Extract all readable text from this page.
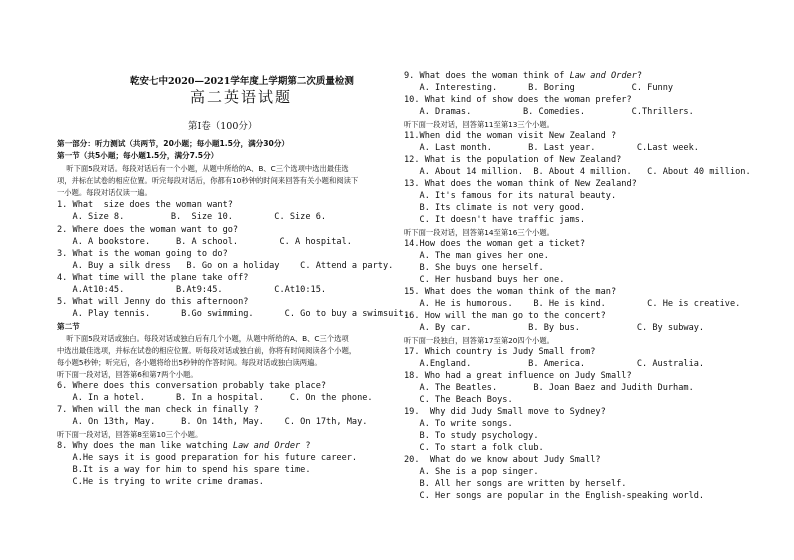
乾安七中2020—2021学年度上学期第二次质量检测
高二英语试题
第Ⅰ卷（100分）
第一部分：听力测试（共两节，20小题；每小题1.5分，满分30分）
第一节（共5小题；每小题1.5分，满分7.5分）
听下面5段对话。每段对话后有一个小题，从题中所给的A、B、C三个选项中选出最佳选
项，并标在试卷的相应位置。听完每段对话后，你都有10秒钟的时间来回答有关小题和阅读下
一小题。每段对话仅读一遍。
1. What  size does the woman want?
A. Size 8.         B.  Size 10.        C. Size 6.
2. Where does the woman want to go?
A. A bookstore.     B. A school.        C. A hospital.
3. What is the woman going to do?
A. Buy a silk dress   B. Go on a holiday    C. Attend a party.
4. What time will the plane take off?
A.At10:45.          B.At9:45.          C.At10:15.
5. What will Jenny do this afternoon?
A. Play tennis.      B.Go swimming.      C. Go to buy a swimsuit.
第二节
听下面5段对话或独白。每段对话或独白后有几个小题，从题中所给的A、B、C三个选项
中选出最佳选项，并标在试卷的相应位置。听每段对话或独白前，你将有时间阅读各个小题，
每小题5秒钟；听完后，各小题将给出5秒钟的作答时间。每段对话或独白读两遍。
听下面一段对话，回答第6和第7两个小题。
6. Where does this conversation probably take place?
A. In a hotel.      B. In a hospital.     C. On the phone.
7. When will the man check in finally ?
A. On 13th, May.     B. On 14th, May.    C. On 17th, May.
听下面一段对话，回答第8至第10三个小题。
8. Why does the man like watching Law and Order ?
A.He says it is good preparation for his future career.
B.It is a way for him to spend his spare time.
C.He is trying to write crime dramas.
9. What does the woman think of Law and Order?
A. Interesting.      B. Boring           C. Funny
10. What kind of show does the woman prefer?
A. Dramas.          B. Comedies.         C.Thrillers.
听下面一段对话，回答第11至第13三个小题。
11.When did the woman visit New Zealand ?
A. Last month.       B. Last year.        C.Last week.
12. What is the population of New Zealand?
A. About 14 million.  B. About 4 million.   C. About 40 million.
13. What does the woman think of New Zealand?
A. It's famous for its natural beauty.
B. Its climate is not very good.
C. It doesn't have traffic jams.
听下面一段对话，回答第14至第16三个小题。
14.How does the woman get a ticket?
A. The man gives her one.
B. She buys one herself.
C. Her husband buys her one.
15. What does the woman think of the man?
A. He is humorous.    B. He is kind.        C. He is creative.
16. How will the man go to the concert?
A. By car.           B. By bus.           C. By subway.
听下面一段独白，回答第17至第20四个小题。
17. Which country is Judy Small from?
A.England.           B. America.          C. Australia.
18. Who had a great influence on Judy Small?
A. The Beatles.       B. Joan Baez and Judith Durham.
C. The Beach Boys.
19.  Why did Judy Small move to Sydney?
A. To write songs.
B. To study psychology.
C. To start a folk club.
20.  What do we know about Judy Small?
A. She is a pop singer.
B. All her songs are written by herself.
C. Her songs are popular in the English-speaking world.
